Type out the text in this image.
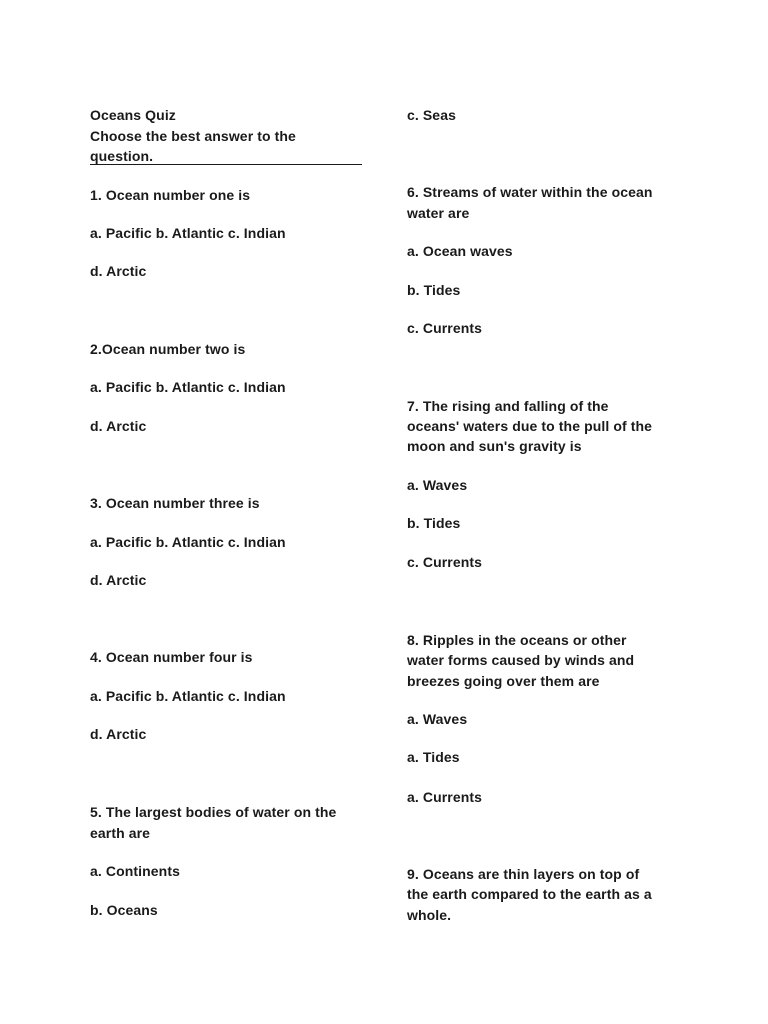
Oceans Quiz
Choose the best answer to the
question.
1. Ocean number one is
a. Pacific b. Atlantic c. Indian
d. Arctic
2.Ocean number two is
a. Pacific b. Atlantic c. Indian
d. Arctic
3. Ocean number three is
a. Pacific b. Atlantic c. Indian
d. Arctic
4. Ocean number four is
a. Pacific b. Atlantic c. Indian
d. Arctic
5. The largest bodies of water on the
earth are
a. Continents
b. Oceans
c. Seas
6. Streams of water within the ocean
water are
a. Ocean waves
b. Tides
c. Currents
7. The rising and falling of the
oceans' waters due to the pull of the
moon and sun's gravity is
a. Waves
b. Tides
c. Currents
8. Ripples in the oceans or other
water forms caused by winds and
breezes going over them are
a. Waves
a. Tides
a. Currents
9. Oceans are thin layers on top of
the earth compared to the earth as a
whole.
